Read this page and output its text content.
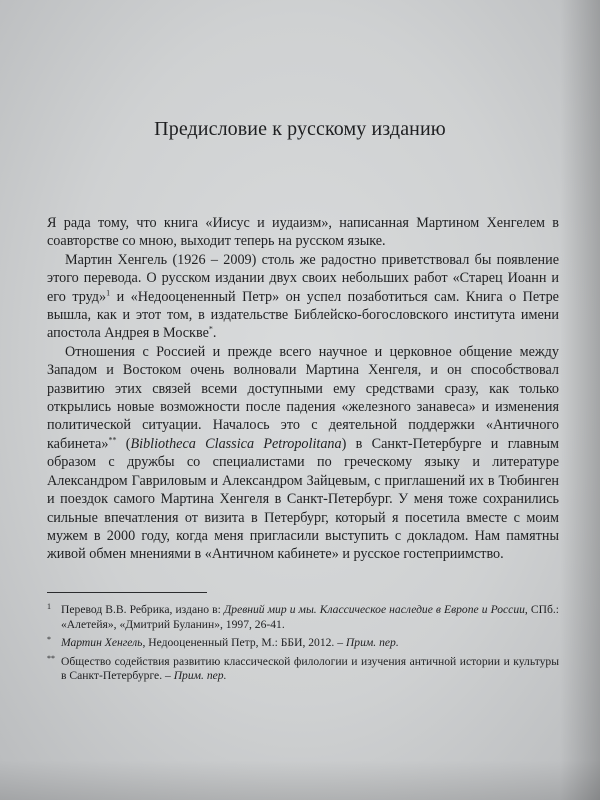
Предисловие к русскому изданию

Я рада тому, что книга «Иисус и иудаизм», написанная Мартином Хенгелем в соавторстве со мною, выходит теперь на русском языке.

Мартин Хенгель (1926 – 2009) столь же радостно приветствовал бы появление этого перевода. О русском издании двух своих небольших работ «Старец Иоанн и его труд»$^1$ и «Недооцененный Петр» он успел позаботиться сам. Книга о Петре вышла, как и этот том, в издательстве Библейско-богословского института имени апостола Андрея в Москве*.

Отношения с Россией и прежде всего научное и церковное общение между Западом и Востоком очень волновали Мартина Хенгеля, и он способствовал развитию этих связей всеми доступными ему средствами сразу, как только открылись новые возможности после падения «железного занавеса» и изменения политической ситуации. Началось это с деятельной поддержки «Античного кабинета»** (Bibliotheca Classica Petropolitana) в Санкт-Петербурге и главным образом с дружбы со специалистами по греческому языку и литературе Александром Гавриловым и Александром Зайцевым, с приглашений их в Тюбинген и поездок самого Мартина Хенгеля в Санкт-Петербург. У меня тоже сохранились сильные впечатления от визита в Петербург, который я посетила вместе с моим мужем в 2000 году, когда меня пригласили выступить с докладом. Нам памятны живой обмен мнениями в «Античном кабинете» и русское гостеприимство.

1 Перевод В.В. Ребрика, издано в: Древний мир и мы. Классическое наследие в Европе и России, СПб.: «Алетейя», «Дмитрий Буланин», 1997, 26-41.

* Мартин Хенгель, Недооцененный Петр, М.: ББИ, 2012. – Прим. пер.

** Общество содействия развитию классической филологии и изучения античной истории и культуры в Санкт-Петербурге. – Прим. пер.
